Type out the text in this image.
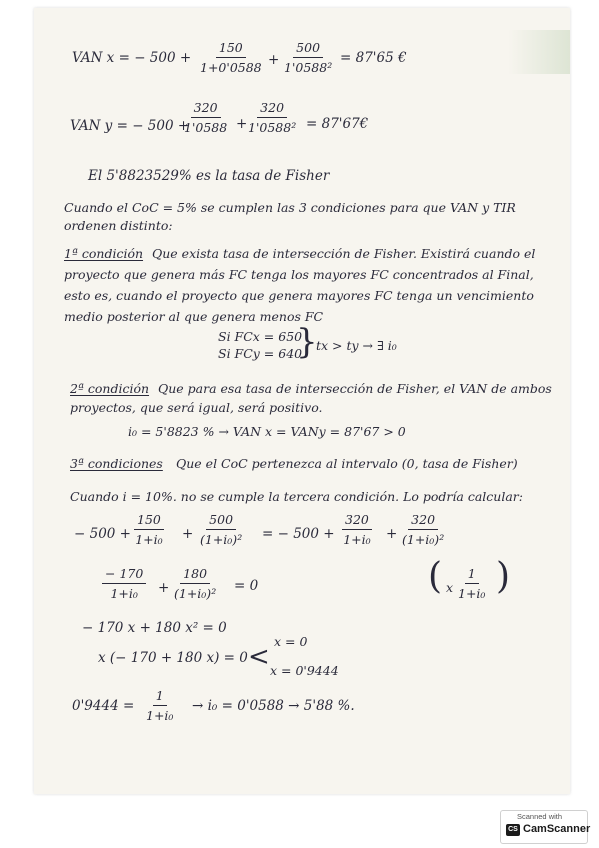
VAN x = − $500 + \frac{150}{1+0'0588} + \frac{500}{\text{1'0588²}} = 87'65$ €
VAN y = − 500 +
$\frac{320}{1'0588} + \frac{320}{\text{1'0588²}}$ = 87'67€
El 5'8823529% es la tasa de Fisher
Cuando el CoC = 5% se cumplen las 3 condiciones para que VAN y TIR
ordenen distinto:
1ª condición Que exista tasa de intersección de Fisher. Existirá cuando el
proyecto que genera más FC tenga los mayores FC concentrados al Final,
esto es, cuando el proyecto que genera mayores FC tenga un vencimiento
medio posterior al que genera menos FC
Si FCx = 650
Si FCy = 640
}
tx > ty → ∃ i₀
2ª condición Que para esa tasa de intersección de Fisher, el VAN de ambos
proyectos, que será igual, será positivo.
i₀ = 5'8823 % → VAN x = VANy = 87'67 > 0
3ª condiciones Que el CoC pertenezca al intervalo (0, tasa de Fisher)
Cuando i = 10%. no se cumple la tercera condición. Lo podría calcular:
− $500 + \frac{150}{\text{1+i₀}} + \frac{500}{\text{(1+i₀)²}}$ = − $500 + \frac{320}{\text{1+i₀}} + \frac{320}{\text{(1+i₀)²}}$
$\frac{- 170}{\text{1+i₀}} + \frac{180}{\text{(1+i₀)²}} = 0$	( x $\frac{1}{\text{1+i₀}}$ )
− 170 x + 180 x² = 0
x (− 170 + 180 x) = 0 <
x = 0
x = 0'9444
$0'9444 = \frac{1}{\text{1+i₀}} \to i_0 = 0'0588 \to 5'88$ %.
Scanned with
CS CamScanner
